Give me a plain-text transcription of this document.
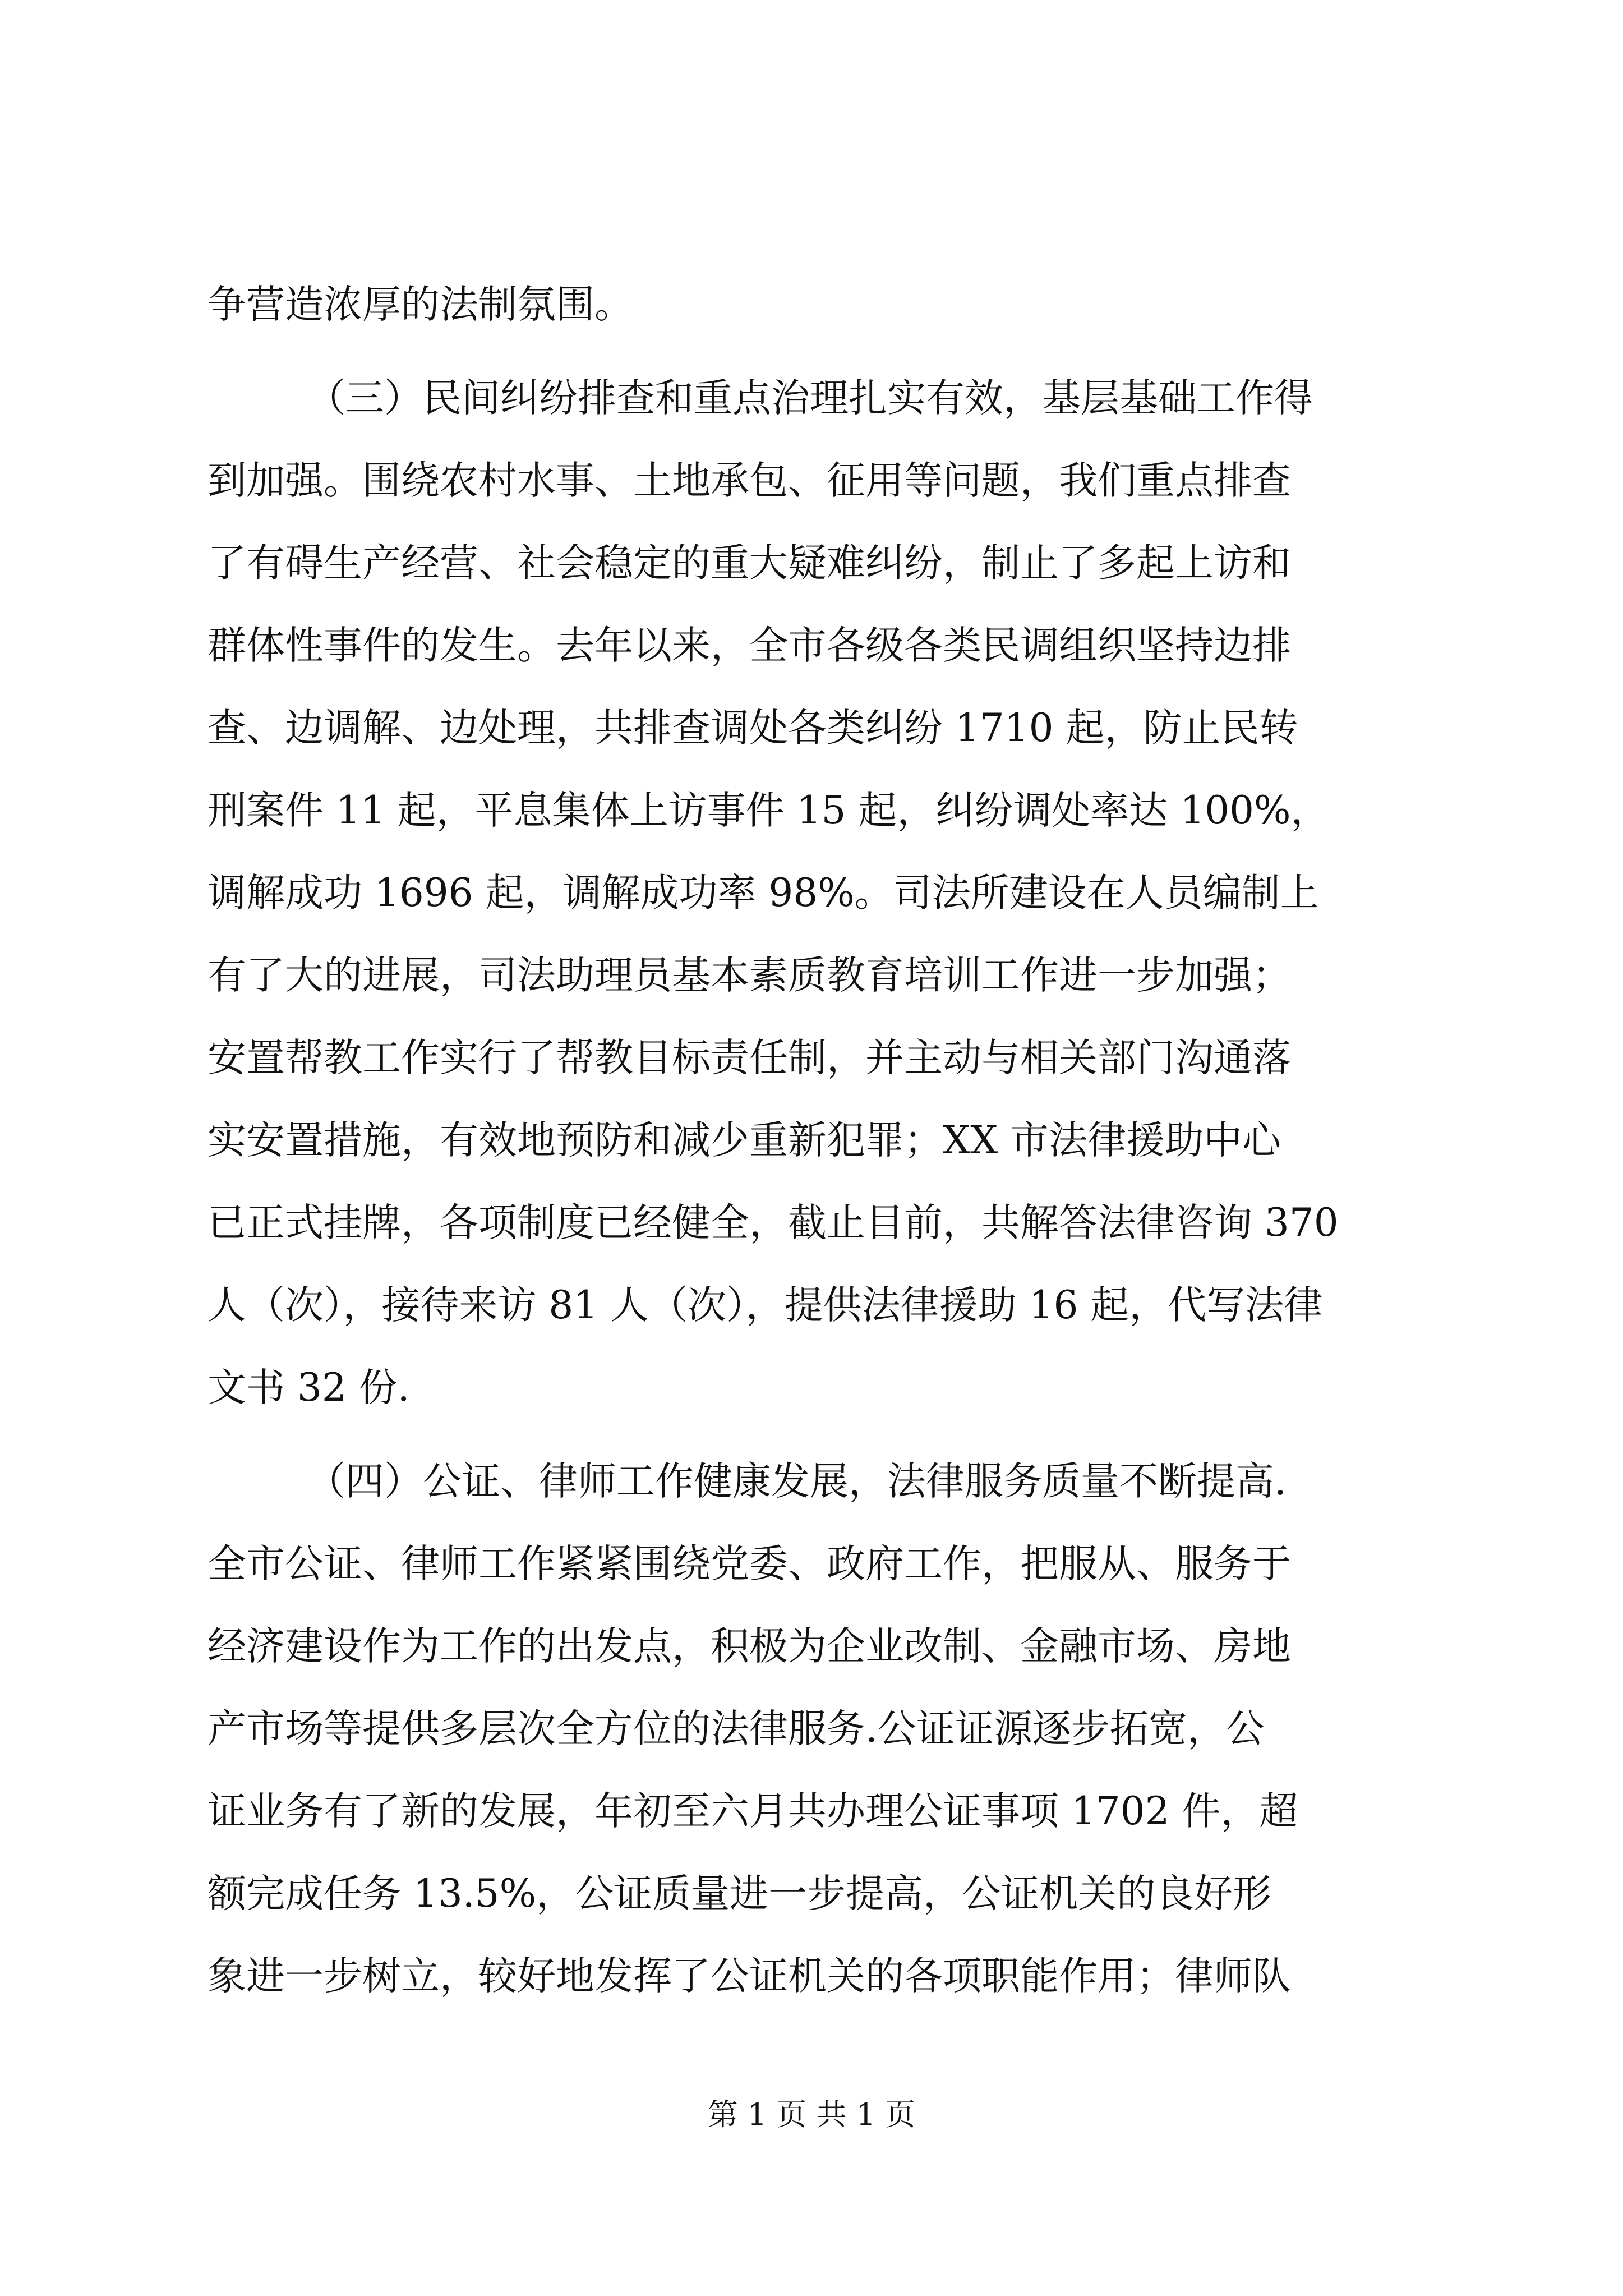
争营造浓厚的法制氛围。
（三）民间纠纷排查和重点治理扎实有效，基层基础工作得
到加强。围绕农村水事、土地承包、征用等问题，我们重点排查
了有碍生产经营、社会稳定的重大疑难纠纷，制止了多起上访和
群体性事件的发生。去年以来，全市各级各类民调组织坚持边排
查、边调解、边处理，共排查调处各类纠纷 1710 起，防止民转
刑案件 11 起，平息集体上访事件 15 起，纠纷调处率达 100%，
调解成功 1696 起，调解成功率 98%。司法所建设在人员编制上
有了大的进展，司法助理员基本素质教育培训工作进一步加强；
安置帮教工作实行了帮教目标责任制，并主动与相关部门沟通落
实安置措施，有效地预防和减少重新犯罪；XX 市法律援助中心
已正式挂牌，各项制度已经健全，截止目前，共解答法律咨询 370
人（次），接待来访 81 人（次），提供法律援助 16 起，代写法律
文书 32 份.
（四）公证、律师工作健康发展，法律服务质量不断提高.
全市公证、律师工作紧紧围绕党委、政府工作，把服从、服务于
经济建设作为工作的出发点，积极为企业改制、金融市场、房地
产市场等提供多层次全方位的法律服务.公证证源逐步拓宽，公
证业务有了新的发展，年初至六月共办理公证事项 1702 件，超
额完成任务 13.5%，公证质量进一步提高，公证机关的良好形
象进一步树立，较好地发挥了公证机关的各项职能作用；律师队
第 1 页 共 1 页
